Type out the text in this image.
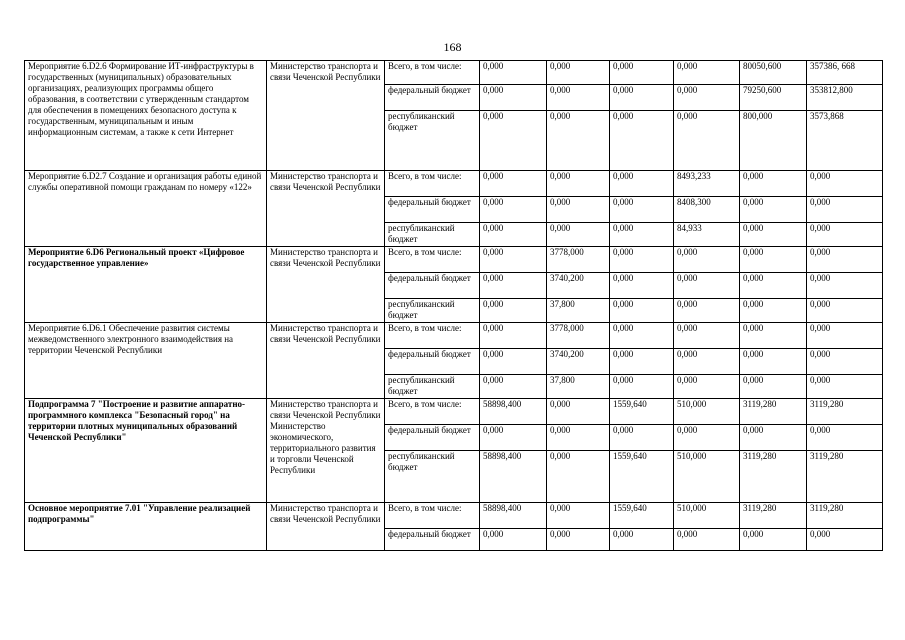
168
Мероприятие 6.D2.6 Формирование ИТ-инфраструктуры в государственных (муниципальных) образовательных организациях, реализующих программы общего образования, в соответствии с утвержденным стандартом для обеспечения в помещениях безопасного доступа к государственным, муниципальным и иным информационным системам, а также к сети Интернет	Министерство транспорта и связи Чеченской Республики	Всего, в том числе:	0,000	0,000	0,000	0,000	80050,600	357386, 668
		федеральный бюджет	0,000	0,000	0,000	0,000	79250,600	353812,800
		республиканский бюджет	0,000	0,000	0,000	0,000	800,000	3573,868
Мероприятие 6.D2.7 Создание и организация работы единой службы оперативной помощи гражданам по номеру «122»	Министерство транспорта и связи Чеченской Республики	Всего, в том числе:	0,000	0,000	0,000	8493,233	0,000	0,000
		федеральный бюджет	0,000	0,000	0,000	8408,300	0,000	0,000
		республиканский бюджет	0,000	0,000	0,000	84,933	0,000	0,000
Мероприятие 6.D6 Региональный проект «Цифровое государственное управление»	Министерство транспорта и связи Чеченской Республики	Всего, в том числе:	0,000	3778,000	0,000	0,000	0,000	0,000
		федеральный бюджет	0,000	3740,200	0,000	0,000	0,000	0,000
		республиканский бюджет	0,000	37,800	0,000	0,000	0,000	0,000
Мероприятие 6.D6.1 Обеспечение развития системы межведомственного электронного взаимодействия на территории Чеченской Республики	Министерство транспорта и связи Чеченской Республики	Всего, в том числе:	0,000	3778,000	0,000	0,000	0,000	0,000
		федеральный бюджет	0,000	3740,200	0,000	0,000	0,000	0,000
		республиканский бюджет	0,000	37,800	0,000	0,000	0,000	0,000
Подпрограмма 7 "Построение и развитие аппаратно-программного комплекса "Безопасный город" на территории плотных муниципальных образований Чеченской Республики"	Министерство транспорта и связи Чеченской Республики Министерство экономического, территориального развития и торговли Чеченской Республики	Всего, в том числе:	58898,400	0,000	1559,640	510,000	3119,280	3119,280
		федеральный бюджет	0,000	0,000	0,000	0,000	0,000	0,000
		республиканский бюджет	58898,400	0,000	1559,640	510,000	3119,280	3119,280
Основное мероприятие 7.01 "Управление реализацией подпрограммы"	Министерство транспорта и связи Чеченской Республики	Всего, в том числе:	58898,400	0,000	1559,640	510,000	3119,280	3119,280
		федеральный бюджет	0,000	0,000	0,000	0,000	0,000	0,000
